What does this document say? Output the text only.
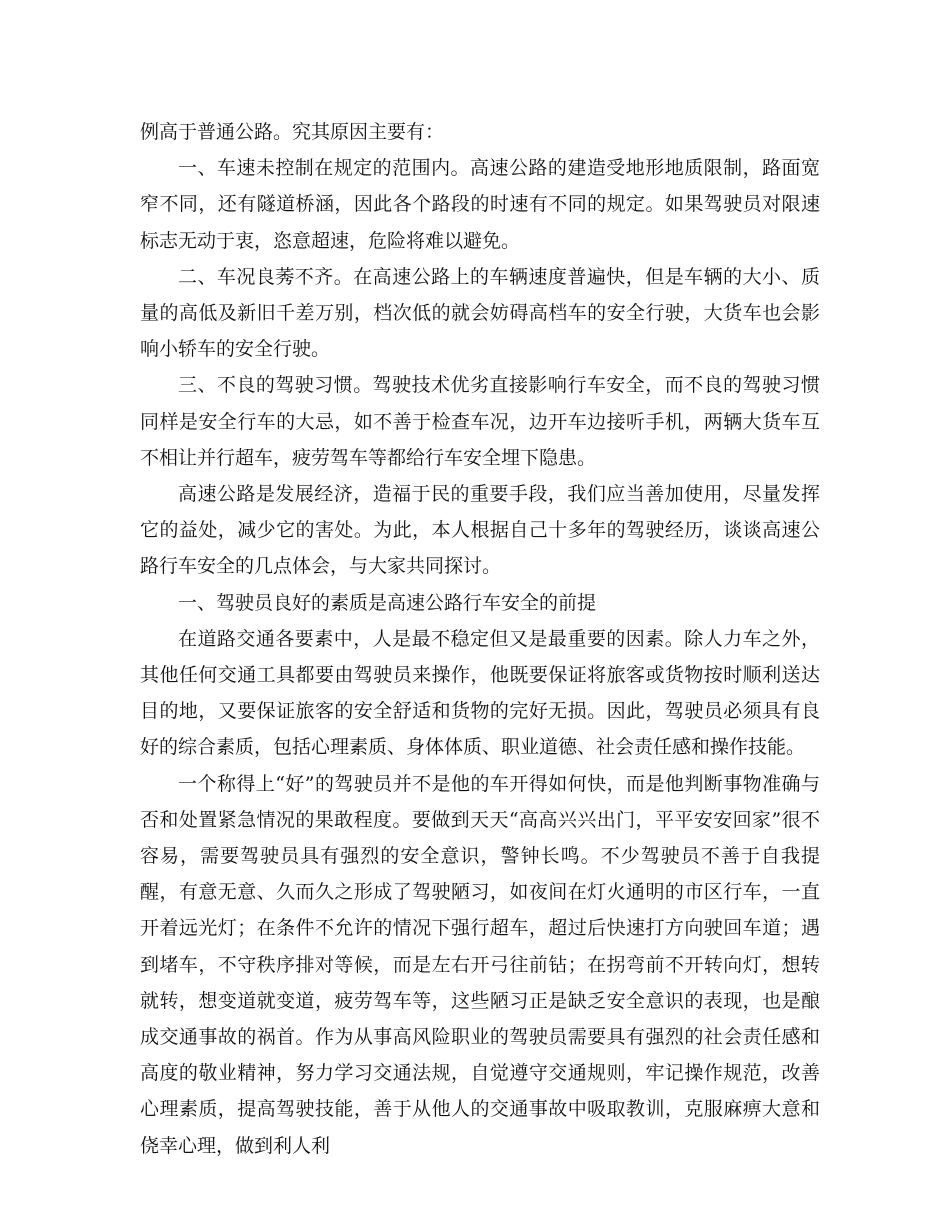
例高于普通公路。究其原因主要有：

一、车速未控制在规定的范围内。高速公路的建造受地形地质限制，路面宽窄不同，还有隧道桥涵，因此各个路段的时速有不同的规定。如果驾驶员对限速标志无动于衷，恣意超速，危险将难以避免。

二、车况良莠不齐。在高速公路上的车辆速度普遍快，但是车辆的大小、质量的高低及新旧千差万别，档次低的就会妨碍高档车的安全行驶，大货车也会影响小轿车的安全行驶。

三、不良的驾驶习惯。驾驶技术优劣直接影响行车安全，而不良的驾驶习惯同样是安全行车的大忌，如不善于检查车况，边开车边接听手机，两辆大货车互不相让并行超车，疲劳驾车等都给行车安全埋下隐患。

高速公路是发展经济，造福于民的重要手段，我们应当善加使用，尽量发挥它的益处，减少它的害处。为此，本人根据自己十多年的驾驶经历，谈谈高速公路行车安全的几点体会，与大家共同探讨。

一、驾驶员良好的素质是高速公路行车安全的前提

在道路交通各要素中，人是最不稳定但又是最重要的因素。除人力车之外，其他任何交通工具都要由驾驶员来操作，他既要保证将旅客或货物按时顺利送达目的地，又要保证旅客的安全舒适和货物的完好无损。因此，驾驶员必须具有良好的综合素质，包括心理素质、身体体质、职业道德、社会责任感和操作技能。

一个称得上“好”的驾驶员并不是他的车开得如何快，而是他判断事物准确与否和处置紧急情况的果敢程度。要做到天天“高高兴兴出门，平平安安回家”很不容易，需要驾驶员具有强烈的安全意识，警钟长鸣。不少驾驶员不善于自我提醒，有意无意、久而久之形成了驾驶陋习，如夜间在灯火通明的市区行车，一直开着远光灯；在条件不允许的情况下强行超车，超过后快速打方向驶回车道；遇到堵车，不守秩序排对等候，而是左右开弓往前钻；在拐弯前不开转向灯，想转就转，想变道就变道，疲劳驾车等，这些陋习正是缺乏安全意识的表现，也是酿成交通事故的祸首。作为从事高风险职业的驾驶员需要具有强烈的社会责任感和高度的敬业精神，努力学习交通法规，自觉遵守交通规则，牢记操作规范，改善心理素质，提高驾驶技能，善于从他人的交通事故中吸取教训，克服麻痹大意和侥幸心理，做到利人利
